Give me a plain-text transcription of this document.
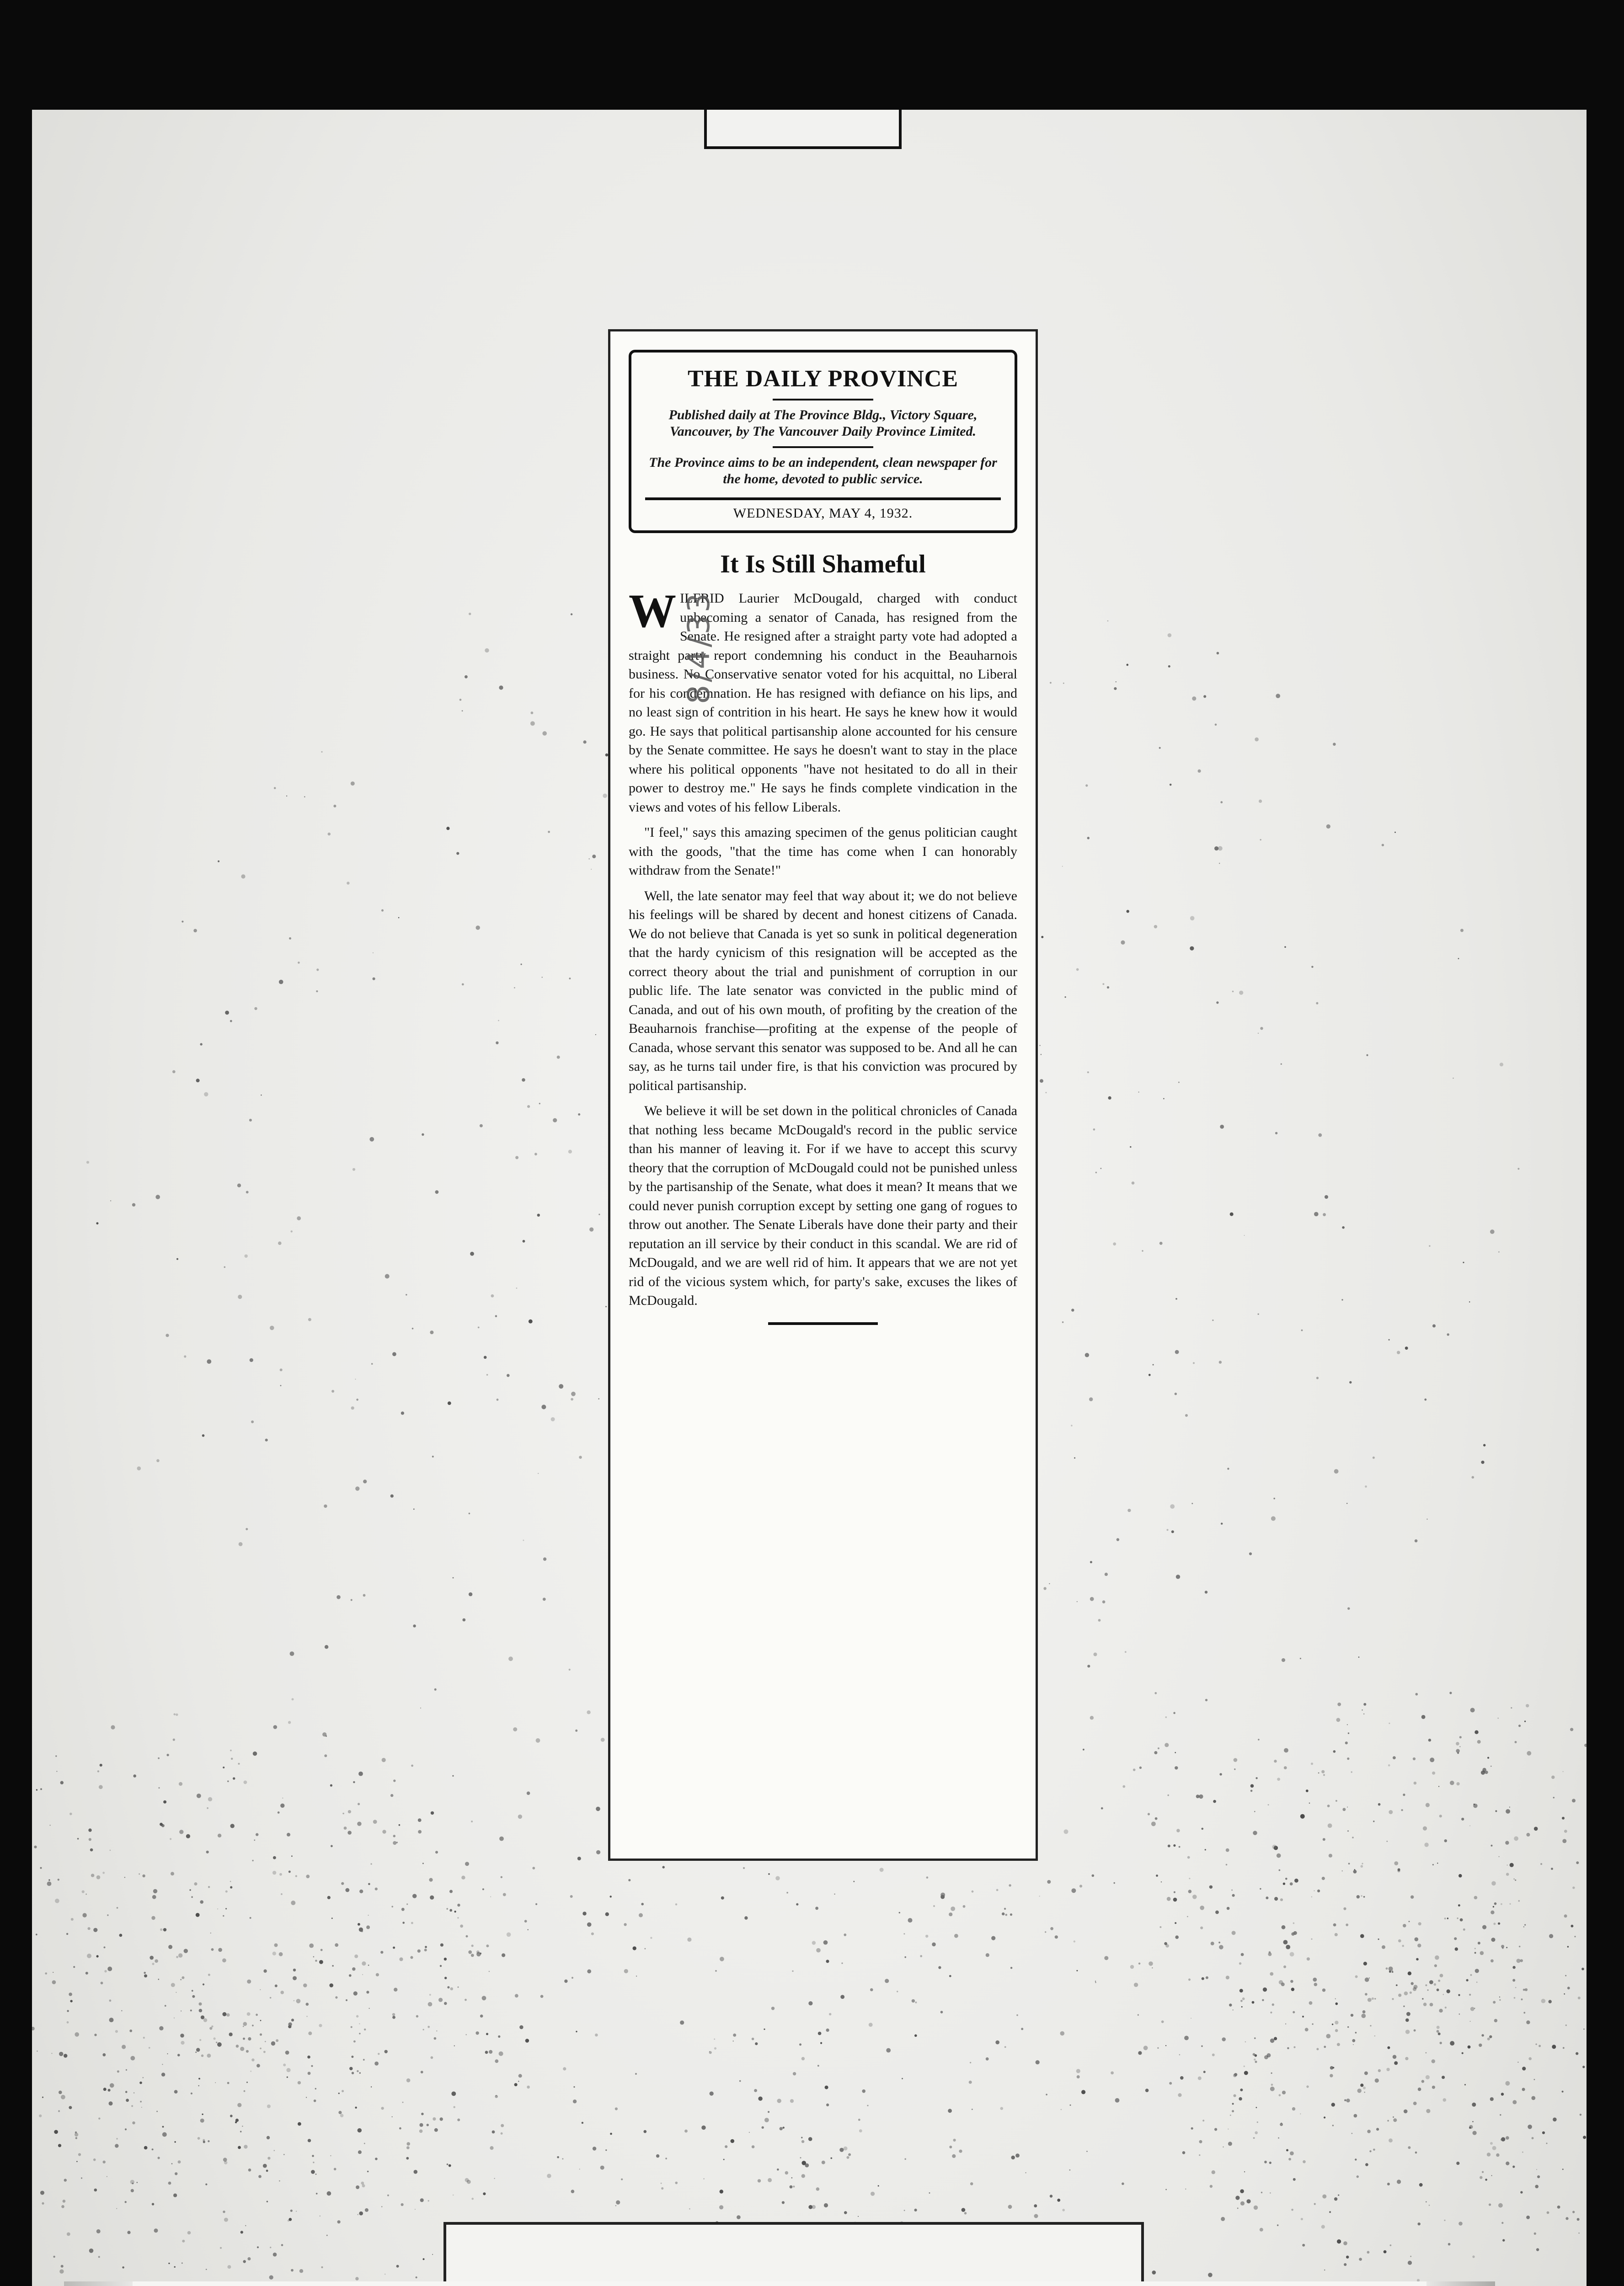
THE DAILY PROVINCE

Published daily at The Province Bldg., Victory Square, Vancouver, by The Vancouver Daily Province Limited.

The Province aims to be an independent, clean newspaper for the home, devoted to public service.

WEDNESDAY, MAY 4, 1932.
It Is Still Shameful

WILFRID Laurier McDougald, charged with conduct unbecoming a senator of Canada, has resigned from the Senate. He resigned after a straight party vote had adopted a straight party report condemning his conduct in the Beauharnois business. No Conservative senator voted for his acquittal, no Liberal for his condemnation. He has resigned with defiance on his lips, and no least sign of contrition in his heart. He says he knew how it would go. He says that political partisanship alone accounted for his censure by the Senate committee. He says he doesn't want to stay in the place where his political opponents "have not hesitated to do all in their power to destroy me." He says he finds complete vindication in the views and votes of his fellow Liberals.

"I feel," says this amazing specimen of the genus politician caught with the goods, "that the time has come when I can honorably withdraw from the Senate!"

Well, the late senator may feel that way about it; we do not believe his feelings will be shared by decent and honest citizens of Canada. We do not believe that Canada is yet so sunk in political degeneration that the hardy cynicism of this resignation will be accepted as the correct theory about the trial and punishment of corruption in our public life. The late senator was convicted in the public mind of Canada, and out of his own mouth, of profiting by the creation of the Beauharnois franchise—profiting at the expense of the people of Canada, whose servant this senator was supposed to be. And all he can say, as he turns tail under fire, is that his conviction was procured by political partisanship.

We believe it will be set down in the political chronicles of Canada that nothing less became McDougald's record in the public service than his manner of leaving it. For if we have to accept this scurvy theory that the corruption of McDougald could not be punished unless by the partisanship of the Senate, what does it mean? It means that we could never punish corruption except by setting one gang of rogues to throw out another. The Senate Liberals have done their party and their reputation an ill service by their conduct in this scandal. We are rid of McDougald, and we are well rid of him. It appears that we are not yet rid of the vicious system which, for party's sake, excuses the likes of McDougald.

8/4/33
